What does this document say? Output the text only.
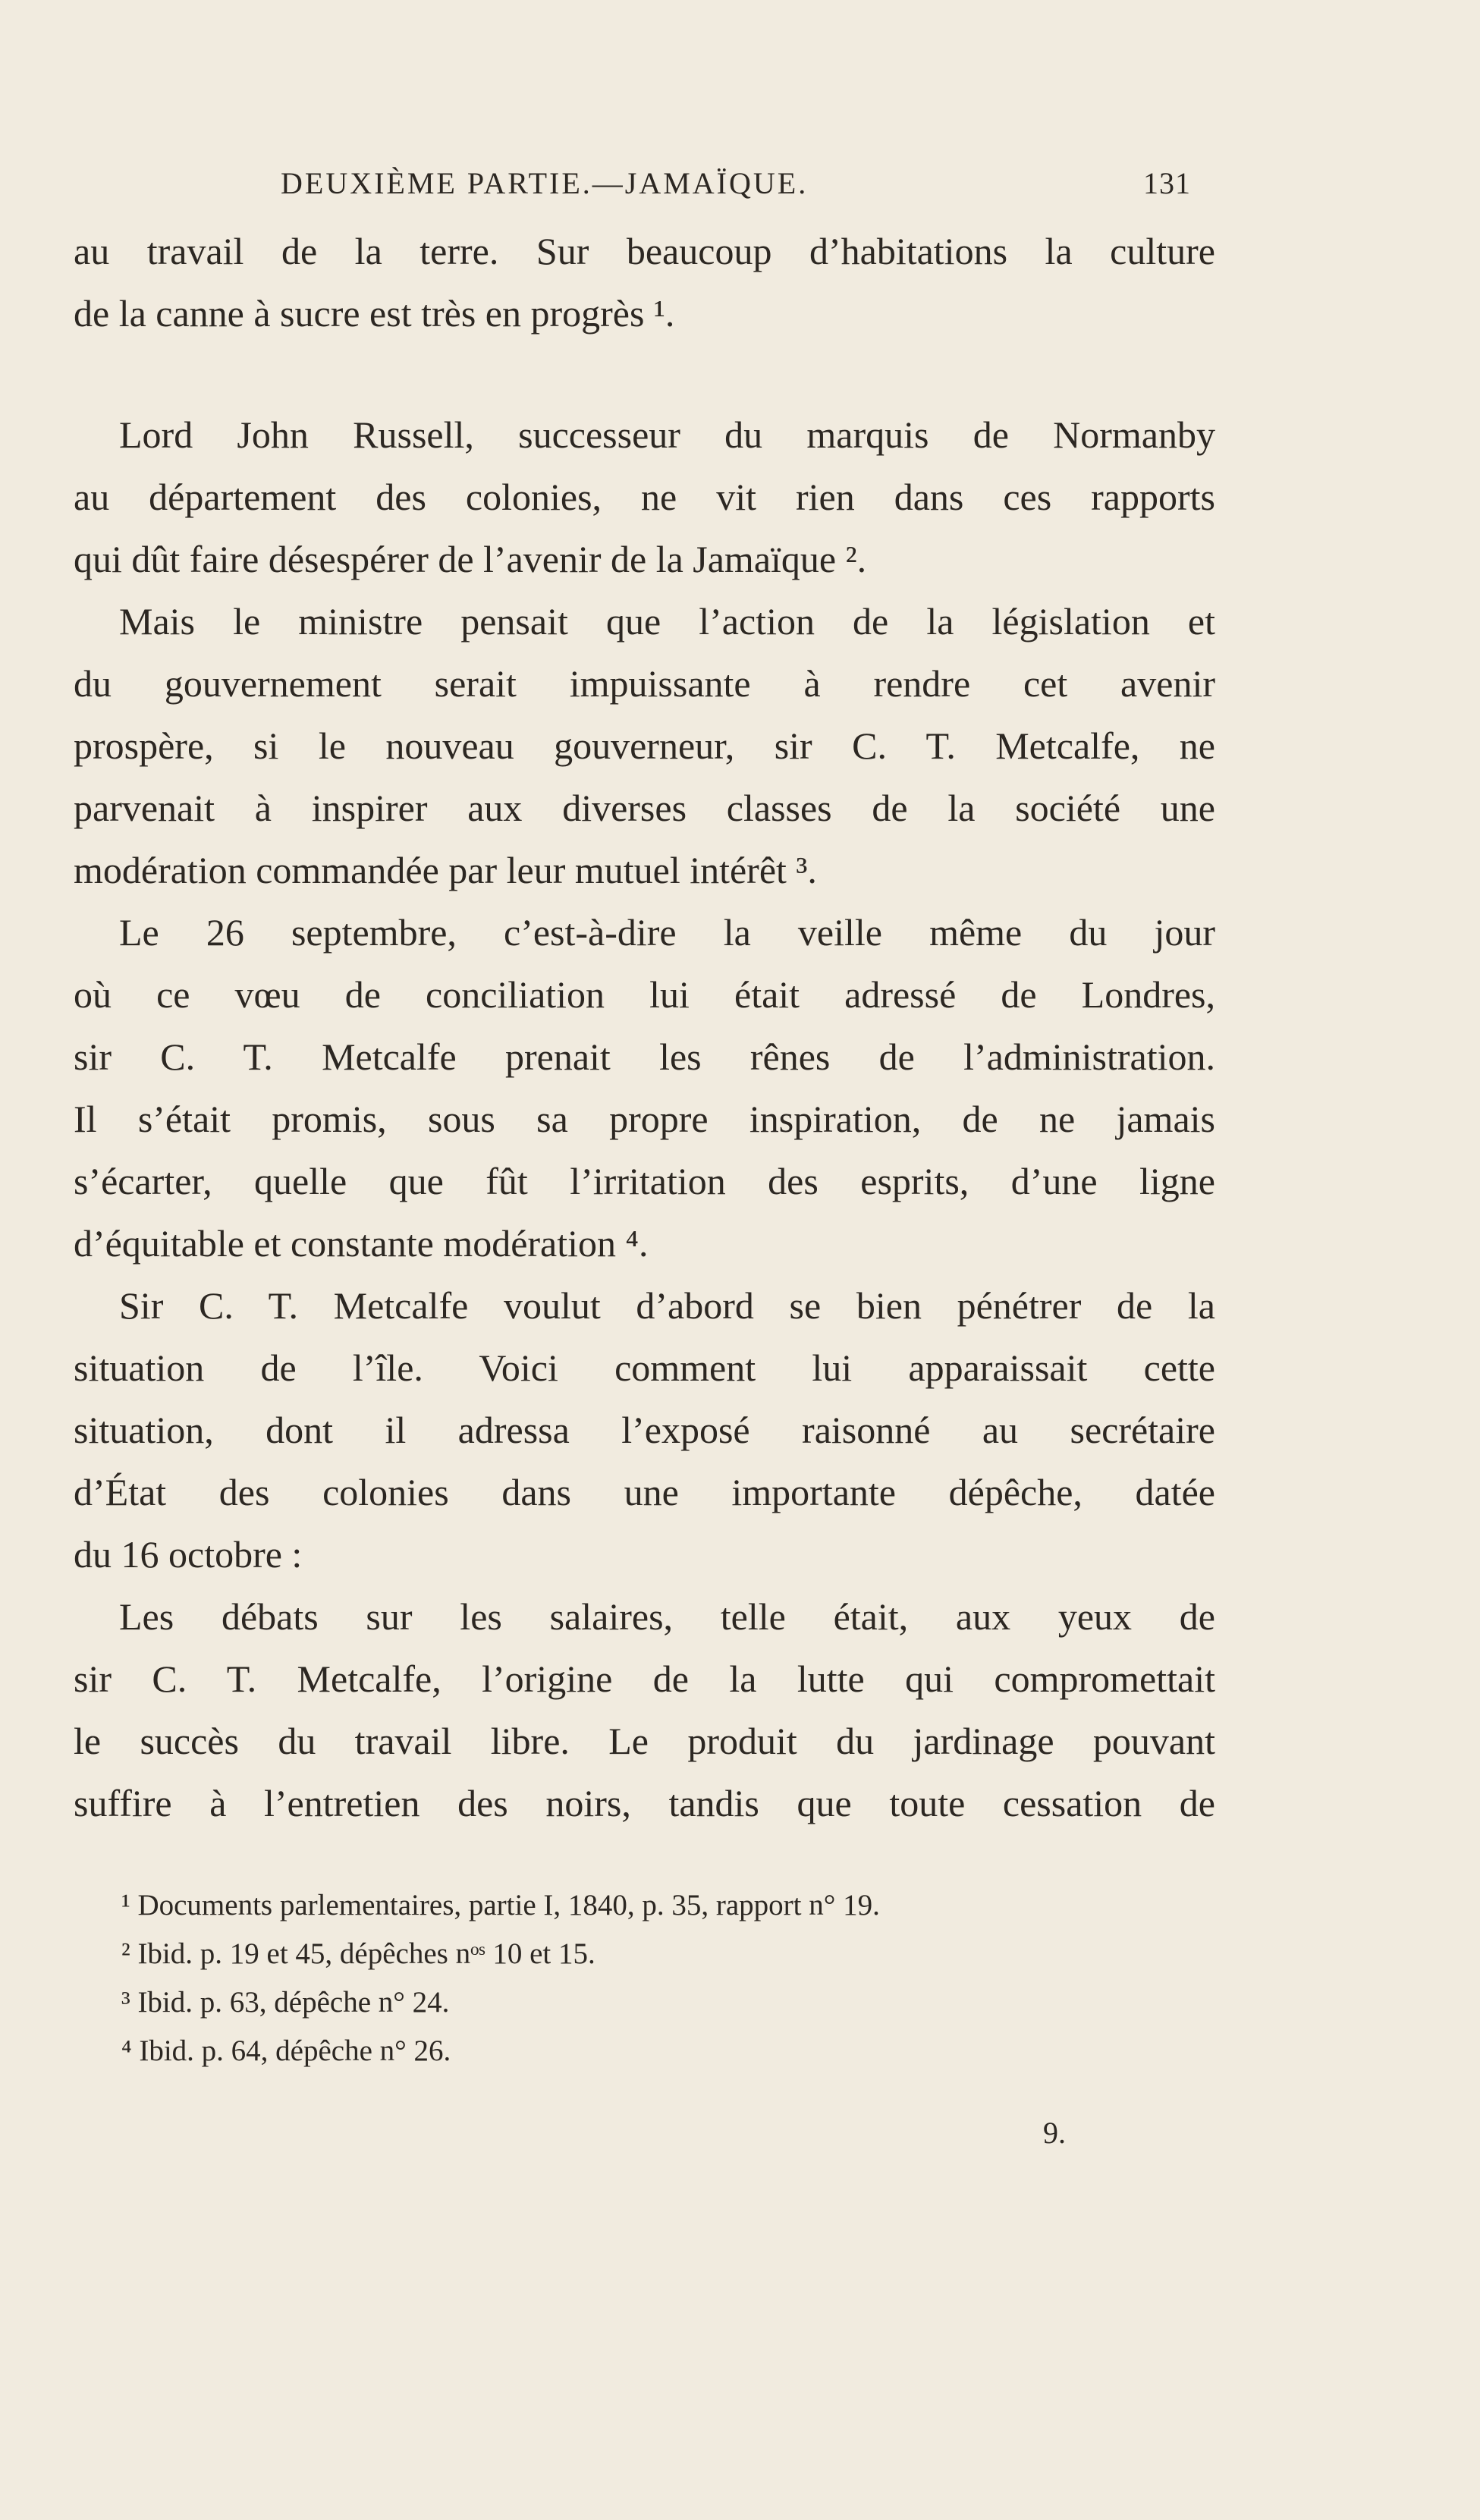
DEUXIÈME PARTIE.—JAMAÏQUE.	131
au travail de la terre. Sur beaucoup d’habitations la culture
de la canne à sucre est très en progrès ¹.
Lord John Russell, successeur du marquis de Normanby
au département des colonies, ne vit rien dans ces rapports
qui dût faire désespérer de l’avenir de la Jamaïque ².
Mais le ministre pensait que l’action de la législation et
du gouvernement serait impuissante à rendre cet avenir
prospère, si le nouveau gouverneur, sir C. T. Metcalfe, ne
parvenait à inspirer aux diverses classes de la société une
modération commandée par leur mutuel intérêt ³.
Le 26 septembre, c’est-à-dire la veille même du jour
où ce vœu de conciliation lui était adressé de Londres,
sir C. T. Metcalfe prenait les rênes de l’administration.
Il s’était promis, sous sa propre inspiration, de ne jamais
s’écarter, quelle que fût l’irritation des esprits, d’une ligne
d’équitable et constante modération ⁴.
Sir C. T. Metcalfe voulut d’abord se bien pénétrer de la
situation de l’île. Voici comment lui apparaissait cette
situation, dont il adressa l’exposé raisonné au secrétaire
d’État des colonies dans une importante dépêche, datée
du 16 octobre :
Les débats sur les salaires, telle était, aux yeux de
sir C. T. Metcalfe, l’origine de la lutte qui compromettait
le succès du travail libre. Le produit du jardinage pouvant
suffire à l’entretien des noirs, tandis que toute cessation de
¹ Documents parlementaires, partie I, 1840, p. 35, rapport n° 19.
² Ibid. p. 19 et 45, dépêches nᵒˢ 10 et 15.
³ Ibid. p. 63, dépêche n° 24.
⁴ Ibid. p. 64, dépêche n° 26.
9.
